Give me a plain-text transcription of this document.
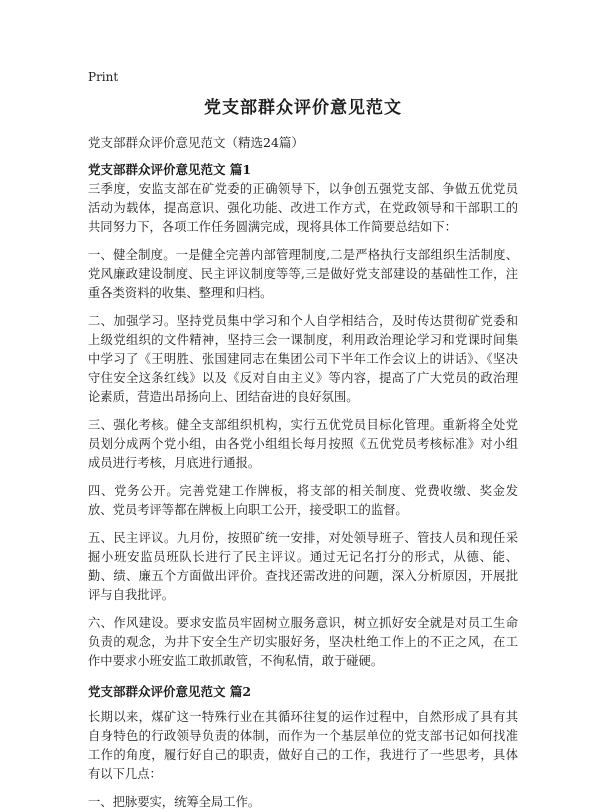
Print
党支部群众评价意见范文
党支部群众评价意见范文（精选24篇）
党支部群众评价意见范文 篇1

三季度，安监支部在矿党委的正确领导下，以争创五强党支部、争做五优党员活动为载体，提高意识、强化功能、改进工作方式，在党政领导和干部职工的共同努力下，各项工作任务圆满完成，现将具体工作简要总结如下：

一、健全制度。一是健全完善内部管理制度,二是严格执行支部组织生活制度、党风廉政建设制度、民主评议制度等等,三是做好党支部建设的基础性工作，注重各类资料的收集、整理和归档。

二、加强学习。坚持党员集中学习和个人自学相结合，及时传达贯彻矿党委和上级党组织的文件精神，坚持三会一课制度，利用政治理论学习和党课时间集中学习了《王明胜、张国建同志在集团公司下半年工作会议上的讲话》、《坚决守住安全这条红线》以及《反对自由主义》等内容，提高了广大党员的政治理论素质，营造出昂扬向上、团结奋进的良好氛围。

三、强化考核。健全支部组织机构，实行五优党员目标化管理。重新将全处党员划分成两个党小组，由各党小组组长每月按照《五优党员考核标准》对小组成员进行考核，月底进行通报。

四、党务公开。完善党建工作牌板，将支部的相关制度、党费收缴、奖金发放、党员考评等都在牌板上向职工公开，接受职工的监督。

五、民主评议。九月份，按照矿统一安排，对处领导班子、管技人员和现任采掘小班安监员班队长进行了民主评议。通过无记名打分的形式，从德、能、勤、绩、廉五个方面做出评价。查找还需改进的问题，深入分析原因，开展批评与自我批评。

六、作风建设。要求安监员牢固树立服务意识，树立抓好安全就是对员工生命负责的观念，为井下安全生产切实服好务，坚决杜绝工作上的不正之风，在工作中要求小班安监工敢抓敢管，不徇私情，敢于碰硬。

党支部群众评价意见范文 篇2

长期以来，煤矿这一特殊行业在其循环往复的运作过程中，自然形成了具有其自身特色的行政领导负责的体制，而作为一个基层单位的党支部书记如何找准工作的角度，履行好自己的职责，做好自己的工作，我进行了一些思考，具体有以下几点：

一、把脉要实，统筹全局工作。
